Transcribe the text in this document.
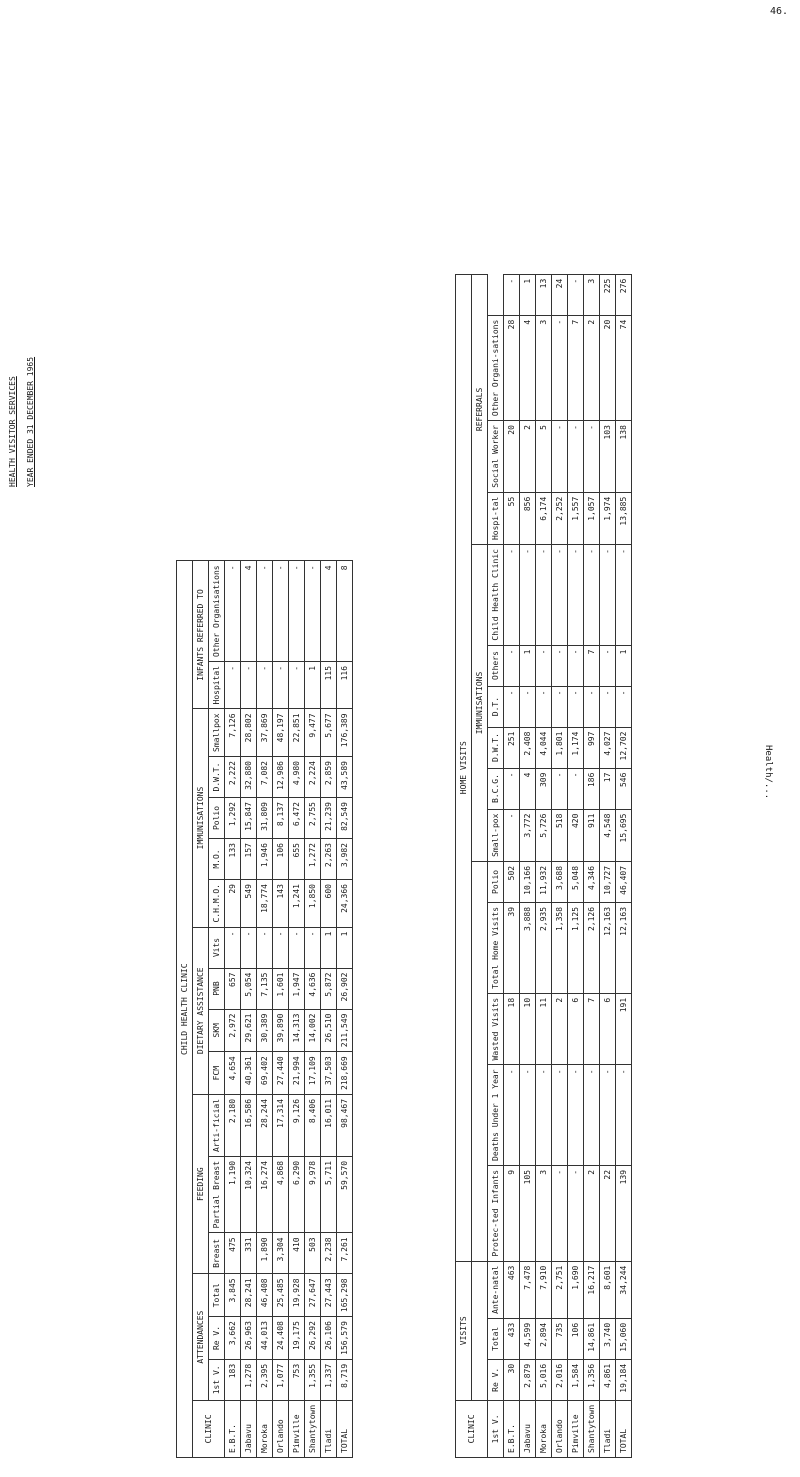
46.
Health/...
HEALTH VISITOR SERVICES YEAR ENDED 31 DECEMBER 1965
CHILD HEALTH CLINIC																	
CLINIC	ATTENDANCES			FEEDING			DIETARY ASSISTANCE				IMMUNISATIONS					INFANTS REFERRED TO	
	1st V.	Re V.	Total	Breast	Partial Breast	Arti-ficial	FCM	SKM	PNB	Vits	C.H.M.O.	M.O.	Polio	D.W.T.	Smallpox	Hospital	Other Organisations
E.B.T.	183	3,662	3,845	475	1,190	2,180	4,654	2,972	657	-	29	133	1,292	2,222	7,126	-	-
Jabavu	1,278	26,963	28,241	331	10,324	16,586	40,361	29,621	5,054	-	549	157	15,847	32,880	28,802	-	4
Moroka	2,395	44,013	46,408	1,890	16,274	28,244	69,402	30,389	7,135	-	18,774	1,946	31,809	7,082	37,869	-	-
Orlando	1,077	24,408	25,485	3,304	4,868	17,314	27,440	39,890	1,601	-	143	106	8,137	12,986	48,197	-	-
Pimville	753	19,175	19,928	410	6,290	9,126	21,994	14,313	1,947	-	1,241	655	6,472	4,980	22,851	-	-
Shantytown	1,355	26,292	27,647	503	9,978	8,406	17,109	14,002	4,636	-	1,850	1,272	2,755	2,224	9,477	1	-
Tladi	1,337	26,106	27,443	2,238	5,711	16,011	37,503	26,510	5,872	1	600	2,263	21,239	2,859	5,677	115	4
TOTAL	8,719	156,579	165,298	7,261	59,570	98,467	218,669	211,549	26,902	1	24,366	3,982	82,549	43,589	176,389	116	8
CLINIC	VISITS			HOME VISITS														
									IMMUNISATIONS						REFERRALS			
1st V.	Re V.	Total	Ante-natal	Protec-ted Infants	Deaths Under 1 Year	Wasted Visits	Total Home Visits	Polio	Small-pox	B.C.G.	D.W.T.	D.T.	Others	Child Health Clinic	Hospi-tal	Social Worker	Other Organi-sations	
E.B.T.	30	433	463	9	-	18	39	502	-	-	251	-	-	-	55	20	28	-
Jabavu	2,879	4,599	7,478	105	-	10	3,888	10,166	3,772	4	2,408	-	1	-	856	2	4	1
Moroka	5,016	2,894	7,910	3	-	11	2,935	11,932	5,726	309	4,044	-	-	-	6,174	5	3	13
Orlando	2,016	735	2,751	-	-	2	1,358	3,688	518	-	1,801	-	-	-	2,252	-	-	24
Pimville	1,584	106	1,690	-	-	6	1,125	5,048	420	-	1,174	-	-	-	1,557	-	7	-
Shantytown	1,356	14,861	16,217	2	-	7	2,126	4,346	911	186	997	-	7	-	1,057	-	2	3
Tladi	4,861	3,740	8,601	22	-	6	12,163	10,727	4,548	17	4,027	-	-	-	1,974	103	20	225
TOTAL	19,184	15,060	34,244	139	-	191	12,163	46,407	15,695	546	12,702	-	1	-	13,885	138	74	276
